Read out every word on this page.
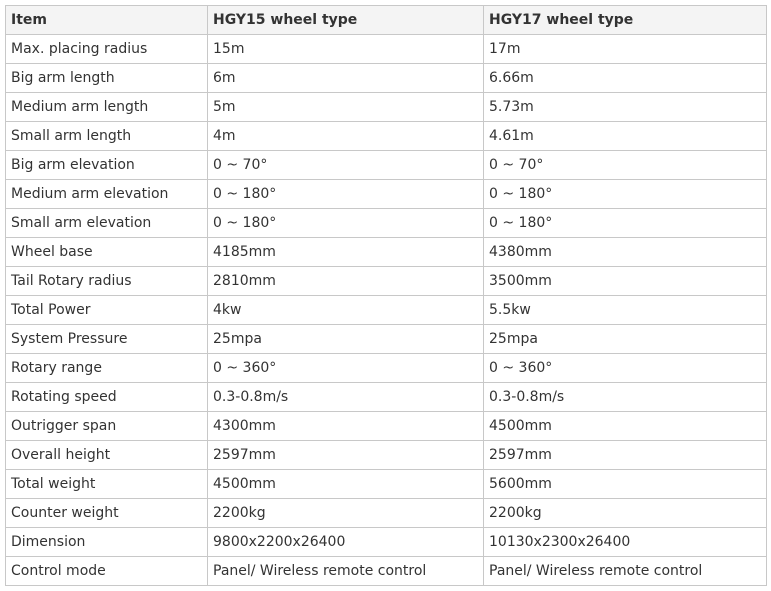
Item	HGY15 wheel type	HGY17 wheel type
Max. placing radius	15m	17m
Big arm length	6m	6.66m
Medium arm length	5m	5.73m
Small arm length	4m	4.61m
Big arm elevation	0 ~ 70°	0 ~ 70°
Medium arm elevation	0 ~ 180°	0 ~ 180°
Small arm elevation	0 ~ 180°	0 ~ 180°
Wheel base	4185mm	4380mm
Tail Rotary radius	2810mm	3500mm
Total Power	4kw	5.5kw
System Pressure	25mpa	25mpa
Rotary range	0 ~ 360°	0 ~ 360°
Rotating speed	0.3-0.8m/s	0.3-0.8m/s
Outrigger span	4300mm	4500mm
Overall height	2597mm	2597mm
Total weight	4500mm	5600mm
Counter weight	2200kg	2200kg
Dimension	9800x2200x26400	10130x2300x26400
Control mode	Panel/ Wireless remote control	Panel/ Wireless remote control
